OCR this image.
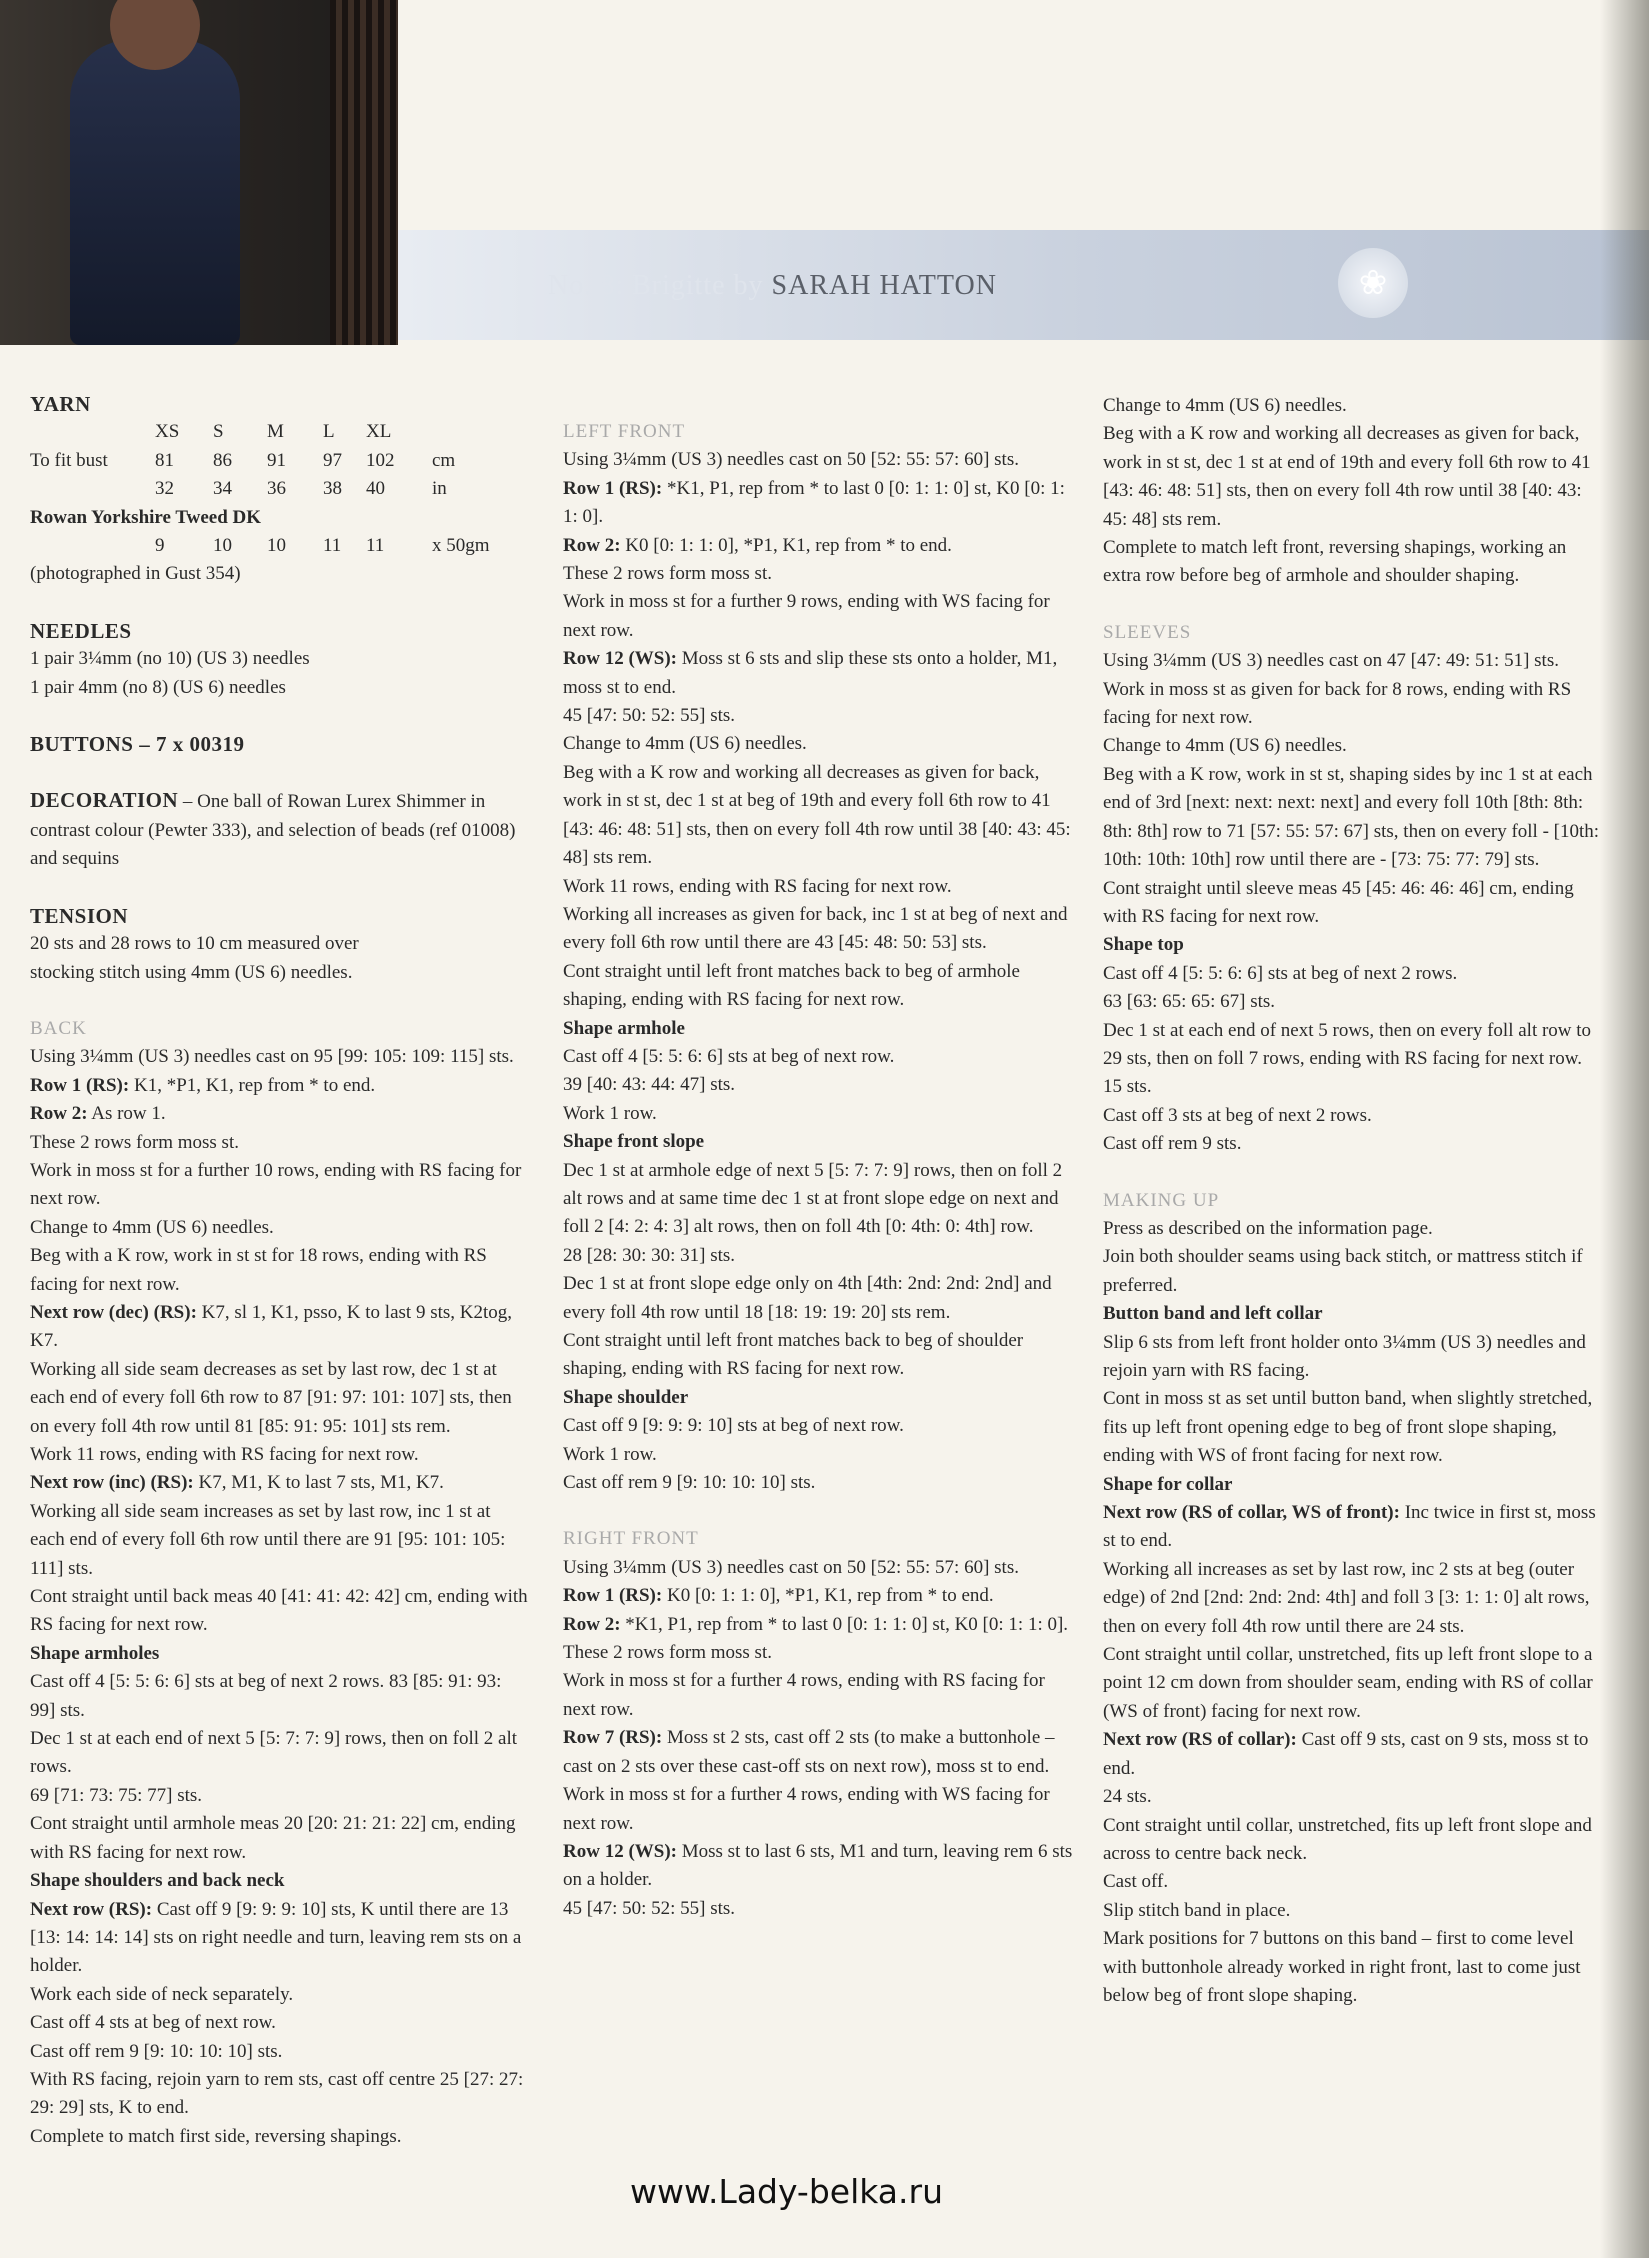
No. 8: Brigitte by SARAH HATTON	❀

YARN

	XS	S	M	L	XL	
To fit bust	81	86	91	97	102	cm
	32	34	36	38	40	in
Rowan Yorkshire Tweed DK						
	9	10	10	11	11	x 50gm

(photographed in Gust 354)

NEEDLES

1 pair 3¼mm (no 10) (US 3) needles

1 pair 4mm (no 8) (US 6) needles

BUTTONS – 7 x 00319

DECORATION – One ball of Rowan Lurex Shimmer in contrast colour (Pewter 333), and selection of beads (ref 01008) and sequins

TENSION

20 sts and 28 rows to 10 cm measured over

stocking stitch using 4mm (US 6) needles.

BACK

Using 3¼mm (US 3) needles cast on 95 [99: 105: 109: 115] sts.

Row 1 (RS): K1, *P1, K1, rep from * to end.

Row 2: As row 1.

These 2 rows form moss st.

Work in moss st for a further 10 rows, ending with RS facing for next row.

Change to 4mm (US 6) needles.

Beg with a K row, work in st st for 18 rows, ending with RS facing for next row.

Next row (dec) (RS): K7, sl 1, K1, psso, K to last 9 sts, K2tog, K7.

Working all side seam decreases as set by last row, dec 1 st at each end of every foll 6th row to 87 [91: 97: 101: 107] sts, then on every foll 4th row until 81 [85: 91: 95: 101] sts rem.

Work 11 rows, ending with RS facing for next row.

Next row (inc) (RS): K7, M1, K to last 7 sts, M1, K7.

Working all side seam increases as set by last row, inc 1 st at each end of every foll 6th row until there are 91 [95: 101: 105: 111] sts.

Cont straight until back meas 40 [41: 41: 42: 42] cm, ending with RS facing for next row.

Shape armholes

Cast off 4 [5: 5: 6: 6] sts at beg of next 2 rows. 83 [85: 91: 93: 99] sts.

Dec 1 st at each end of next 5 [5: 7: 7: 9] rows, then on foll 2 alt rows.

69 [71: 73: 75: 77] sts.

Cont straight until armhole meas 20 [20: 21: 21: 22] cm, ending with RS facing for next row.

Shape shoulders and back neck

Next row (RS): Cast off 9 [9: 9: 9: 10] sts, K until there are 13 [13: 14: 14: 14] sts on right needle and turn, leaving rem sts on a holder.

Work each side of neck separately.

Cast off 4 sts at beg of next row.

Cast off rem 9 [9: 10: 10: 10] sts.

With RS facing, rejoin yarn to rem sts, cast off centre 25 [27: 27: 29: 29] sts, K to end.

Complete to match first side, reversing shapings.

LEFT FRONT

Using 3¼mm (US 3) needles cast on 50 [52: 55: 57: 60] sts.

Row 1 (RS): *K1, P1, rep from * to last 0 [0: 1: 1: 0] st, K0 [0: 1: 1: 0].

Row 2: K0 [0: 1: 1: 0], *P1, K1, rep from * to end.

These 2 rows form moss st.

Work in moss st for a further 9 rows, ending with WS facing for next row.

Row 12 (WS): Moss st 6 sts and slip these sts onto a holder, M1, moss st to end.

45 [47: 50: 52: 55] sts.

Change to 4mm (US 6) needles.

Beg with a K row and working all decreases as given for back, work in st st, dec 1 st at beg of 19th and every foll 6th row to 41 [43: 46: 48: 51] sts, then on every foll 4th row until 38 [40: 43: 45: 48] sts rem.

Work 11 rows, ending with RS facing for next row.

Working all increases as given for back, inc 1 st at beg of next and every foll 6th row until there are 43 [45: 48: 50: 53] sts.

Cont straight until left front matches back to beg of armhole shaping, ending with RS facing for next row.

Shape armhole

Cast off 4 [5: 5: 6: 6] sts at beg of next row.

39 [40: 43: 44: 47] sts.

Work 1 row.

Shape front slope

Dec 1 st at armhole edge of next 5 [5: 7: 7: 9] rows, then on foll 2 alt rows and at same time dec 1 st at front slope edge on next and foll 2 [4: 2: 4: 3] alt rows, then on foll 4th [0: 4th: 0: 4th] row.

28 [28: 30: 30: 31] sts.

Dec 1 st at front slope edge only on 4th [4th: 2nd: 2nd: 2nd] and every foll 4th row until 18 [18: 19: 19: 20] sts rem.

Cont straight until left front matches back to beg of shoulder shaping, ending with RS facing for next row.

Shape shoulder

Cast off 9 [9: 9: 9: 10] sts at beg of next row.

Work 1 row.

Cast off rem 9 [9: 10: 10: 10] sts.

RIGHT FRONT

Using 3¼mm (US 3) needles cast on 50 [52: 55: 57: 60] sts.

Row 1 (RS): K0 [0: 1: 1: 0], *P1, K1, rep from * to end.

Row 2: *K1, P1, rep from * to last 0 [0: 1: 1: 0] st, K0 [0: 1: 1: 0].

These 2 rows form moss st.

Work in moss st for a further 4 rows, ending with RS facing for next row.

Row 7 (RS): Moss st 2 sts, cast off 2 sts (to make a buttonhole – cast on 2 sts over these cast-off sts on next row), moss st to end.

Work in moss st for a further 4 rows, ending with WS facing for next row.

Row 12 (WS): Moss st to last 6 sts, M1 and turn, leaving rem 6 sts on a holder.

45 [47: 50: 52: 55] sts.

Change to 4mm (US 6) needles.

Beg with a K row and working all decreases as given for back, work in st st, dec 1 st at end of 19th and every foll 6th row to 41 [43: 46: 48: 51] sts, then on every foll 4th row until 38 [40: 43: 45: 48] sts rem.

Complete to match left front, reversing shapings, working an extra row before beg of armhole and shoulder shaping.

SLEEVES

Using 3¼mm (US 3) needles cast on 47 [47: 49: 51: 51] sts.

Work in moss st as given for back for 8 rows, ending with RS facing for next row.

Change to 4mm (US 6) needles.

Beg with a K row, work in st st, shaping sides by inc 1 st at each end of 3rd [next: next: next: next] and every foll 10th [8th: 8th: 8th: 8th] row to 71 [57: 55: 57: 67] sts, then on every foll - [10th: 10th: 10th: 10th] row until there are - [73: 75: 77: 79] sts.

Cont straight until sleeve meas 45 [45: 46: 46: 46] cm, ending with RS facing for next row.

Shape top

Cast off 4 [5: 5: 6: 6] sts at beg of next 2 rows.

63 [63: 65: 65: 67] sts.

Dec 1 st at each end of next 5 rows, then on every foll alt row to 29 sts, then on foll 7 rows, ending with RS facing for next row.

15 sts.

Cast off 3 sts at beg of next 2 rows.

Cast off rem 9 sts.

MAKING UP

Press as described on the information page.

Join both shoulder seams using back stitch, or mattress stitch if preferred.

Button band and left collar

Slip 6 sts from left front holder onto 3¼mm (US 3) needles and rejoin yarn with RS facing.

Cont in moss st as set until button band, when slightly stretched, fits up left front opening edge to beg of front slope shaping, ending with WS of front facing for next row.

Shape for collar

Next row (RS of collar, WS of front): Inc twice in first st, moss st to end.

Working all increases as set by last row, inc 2 sts at beg (outer edge) of 2nd [2nd: 2nd: 2nd: 4th] and foll 3 [3: 1: 1: 0] alt rows, then on every foll 4th row until there are 24 sts.

Cont straight until collar, unstretched, fits up left front slope to a point 12 cm down from shoulder seam, ending with RS of collar (WS of front) facing for next row.

Next row (RS of collar): Cast off 9 sts, cast on 9 sts, moss st to end.

24 sts.

Cont straight until collar, unstretched, fits up left front slope and across to centre back neck.

Cast off.

Slip stitch band in place.

Mark positions for 7 buttons on this band – first to come level with buttonhole already worked in right front, last to come just below beg of front slope shaping.

www.Lady-belka.ru
